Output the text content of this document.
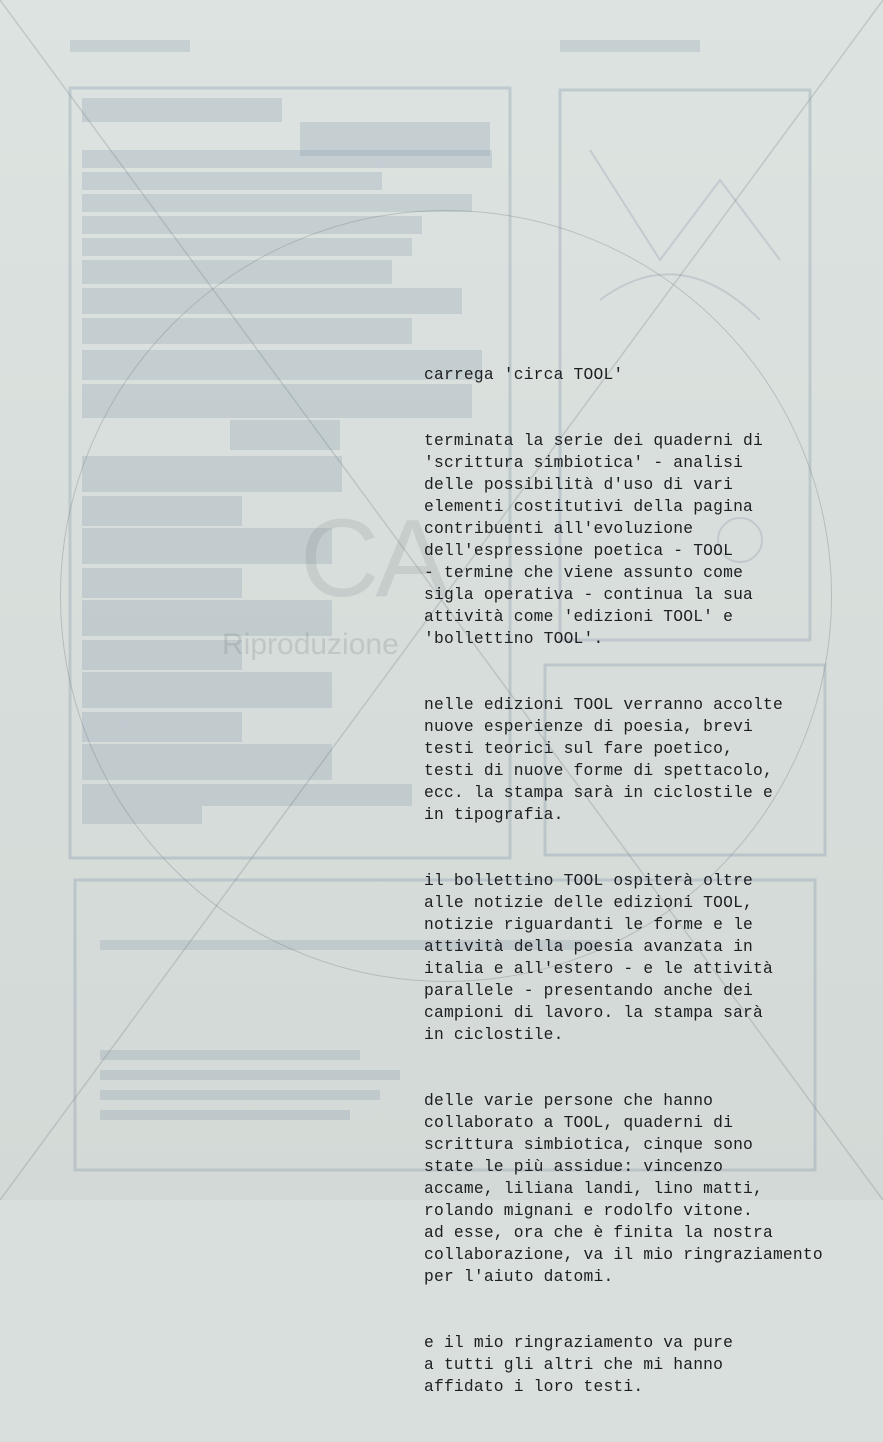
CA
Riproduzione

carrega 'circa TOOL'

terminata la serie dei quaderni di
'scrittura simbiotica' - analisi
delle possibilità d'uso di vari
elementi costitutivi della pagina
contribuenti all'evoluzione
dell'espressione poetica - TOOL
- termine che viene assunto come
sigla operativa - continua la sua
attività come 'edizioni TOOL' e
'bollettino TOOL'.

nelle edizioni TOOL verranno accolte
nuove esperienze di poesia, brevi
testi teorici sul fare poetico,
testi di nuove forme di spettacolo,
ecc. la stampa sarà in ciclostile e
in tipografia.

il bollettino TOOL ospiterà oltre
alle notizie delle edizioni TOOL,
notizie riguardanti le forme e le
attività della poesia avanzata in
italia e all'estero - e le attività
parallele - presentando anche dei
campioni di lavoro. la stampa sarà
in ciclostile.

delle varie persone che hanno
collaborato a TOOL, quaderni di
scrittura simbiotica, cinque sono
state le più assidue: vincenzo
accame, liliana landi, lino matti,
rolando mignani e rodolfo vitone.
ad esse, ora che è finita la nostra
collaborazione, va il mio ringraziamento
per l'aiuto datomi.

e il mio ringraziamento va pure
a tutti gli altri che mi hanno
affidato i loro testi.
